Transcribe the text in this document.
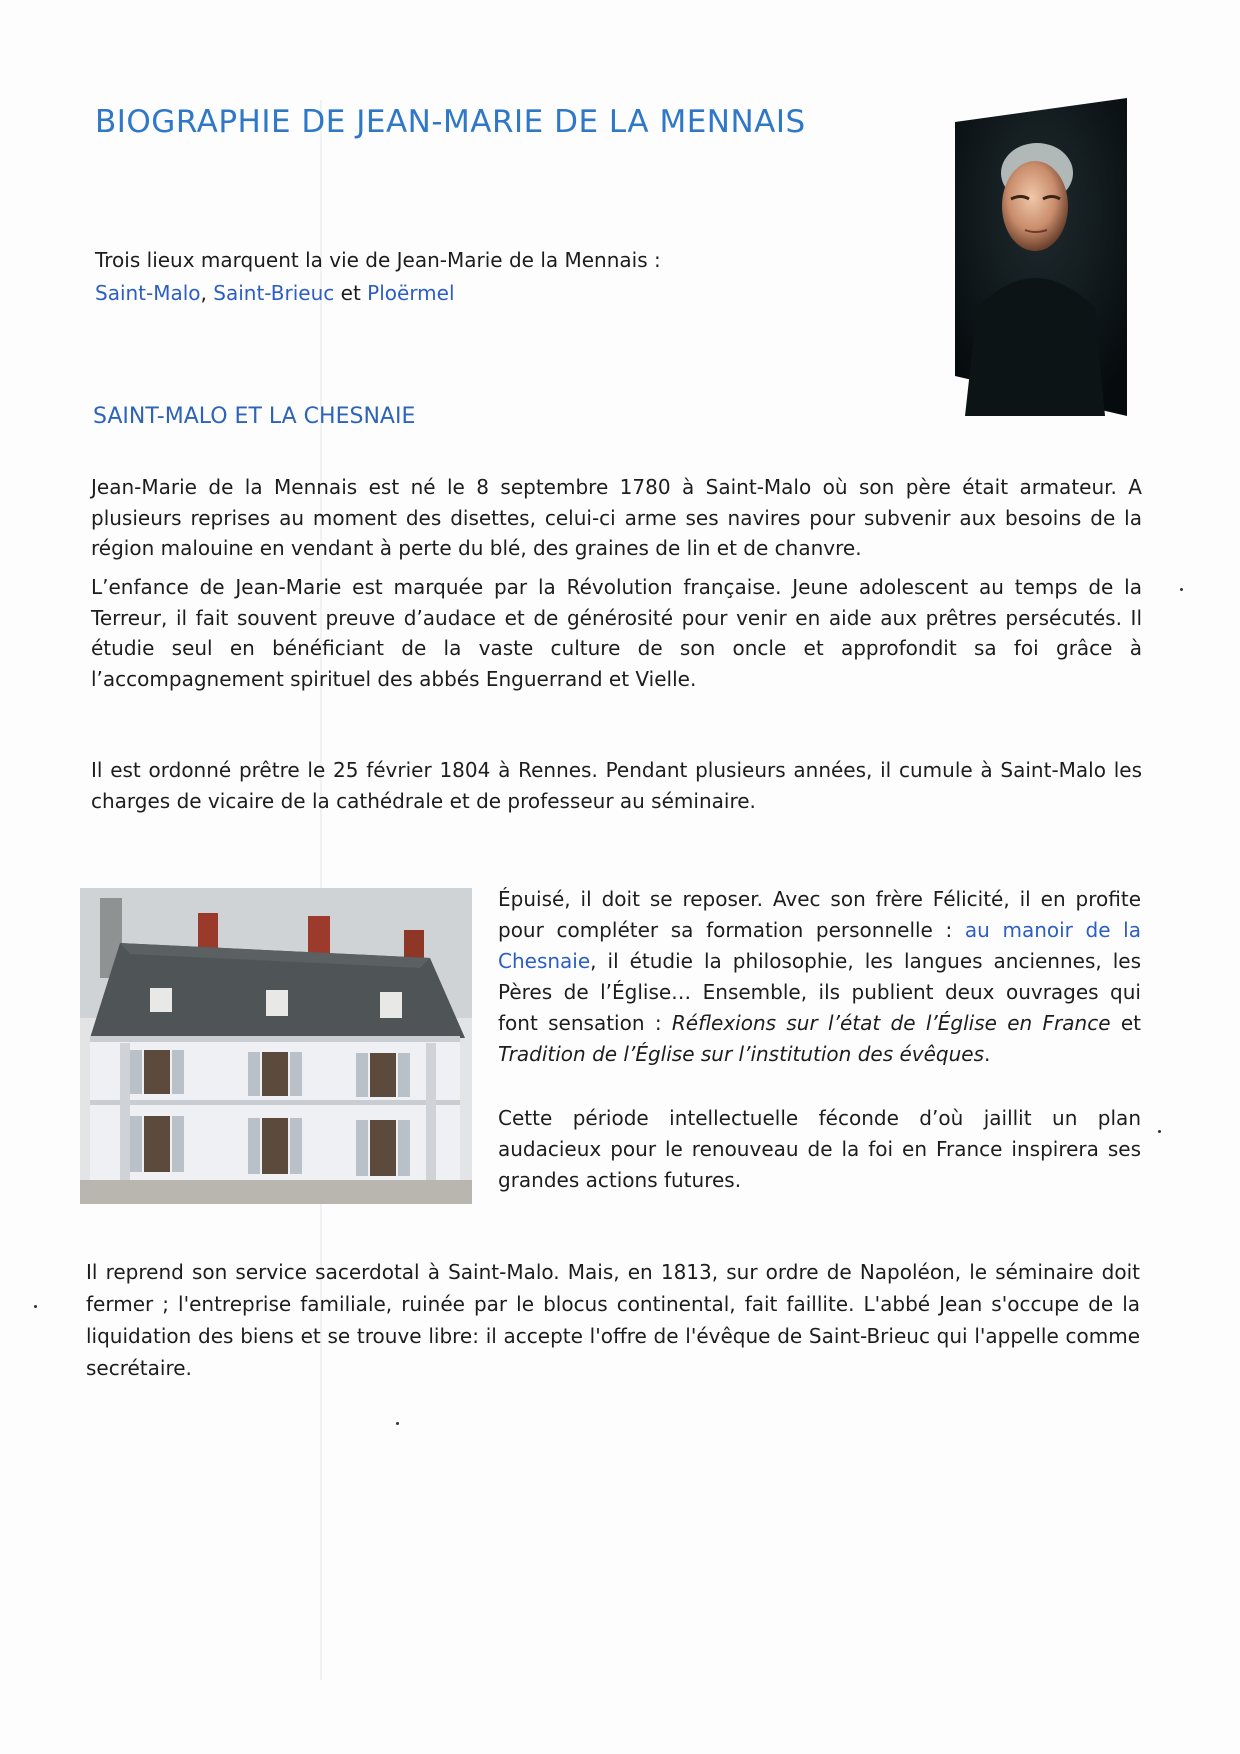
BIOGRAPHIE DE JEAN-MARIE DE LA MENNAIS

Trois lieux marquent la vie de Jean-Marie de la Mennais :
Saint-Malo, Saint-Brieuc et Ploërmel

SAINT-MALO ET LA CHESNAIE

Jean-Marie de la Mennais est né le 8 septembre 1780 à Saint-Malo où son père était armateur. A plusieurs reprises au moment des disettes, celui-ci arme ses navires pour subvenir aux besoins de la région malouine en vendant à perte du blé, des graines de lin et de chanvre.

L’enfance de Jean-Marie est marquée par la Révolution française. Jeune adolescent au temps de la Terreur, il fait souvent preuve d’audace et de générosité pour venir en aide aux prêtres persécutés. Il étudie seul en bénéficiant de la vaste culture de son oncle et approfondit sa foi grâce à l’accompagnement spirituel des abbés Enguerrand et Vielle.

Il est ordonné prêtre le 25 février 1804 à Rennes. Pendant plusieurs années, il cumule à Saint-Malo les charges de vicaire de la cathédrale et de professeur au séminaire.

Épuisé, il doit se reposer. Avec son frère Félicité, il en profite pour compléter sa formation personnelle : au manoir de la Chesnaie, il étudie la philosophie, les langues anciennes, les Pères de l’Église… Ensemble, ils publient deux ouvrages qui font sensation : Réflexions sur l’état de l’Église en France et Tradition de l’Église sur l’institution des évêques.

Cette période intellectuelle féconde d’où jaillit un plan audacieux pour le renouveau de la foi en France inspirera ses grandes actions futures.

Il reprend son service sacerdotal à Saint-Malo. Mais, en 1813, sur ordre de Napoléon, le séminaire doit fermer ; l'entreprise familiale, ruinée par le blocus continental, fait faillite. L'abbé Jean s'occupe de la liquidation des biens et se trouve libre: il accepte l'offre de l'évêque de Saint-Brieuc qui l'appelle comme secrétaire.
